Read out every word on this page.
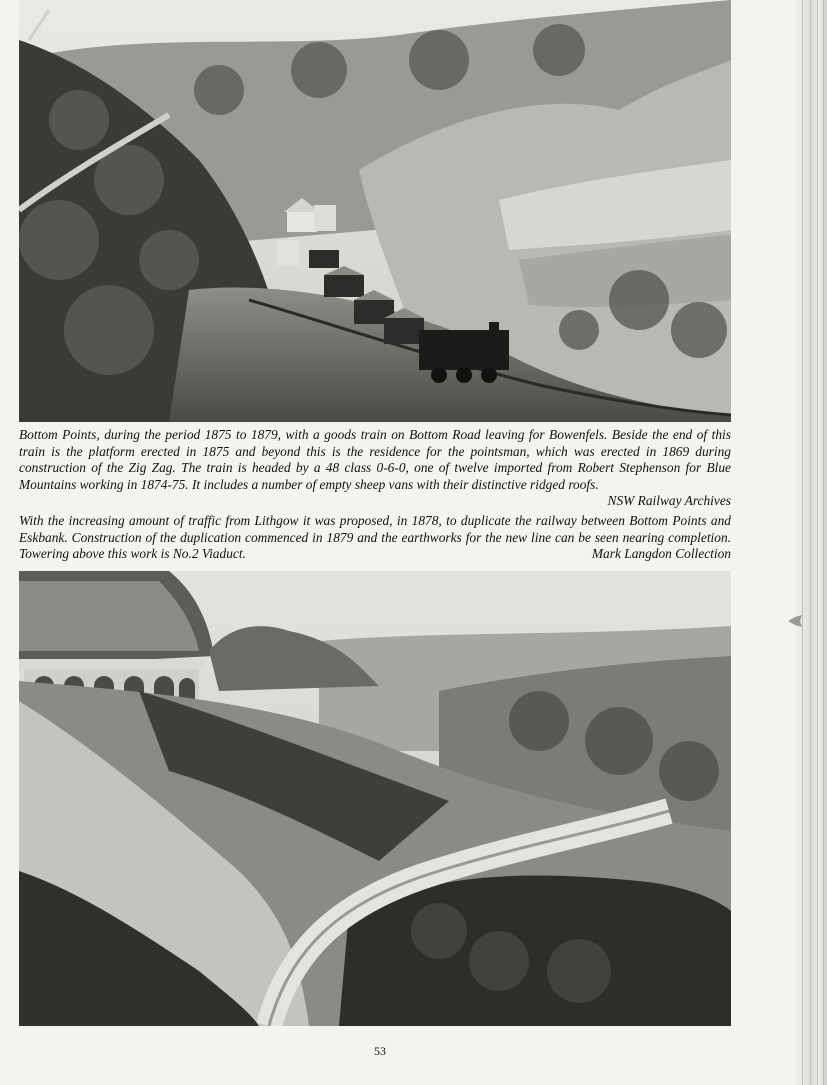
Bottom Points, during the period 1875 to 1879, with a goods train on Bottom Road leaving for Bowenfels. Beside the end of this train is the platform erected in 1875 and beyond this is the residence for the pointsman, which was erected in 1869 during construction of the Zig Zag. The train is headed by a 48 class 0-6-0, one of twelve imported from Robert Stephenson for Blue Mountains working in 1874-75. It includes a number of empty sheep vans with their distinctive ridged roofs.
NSW Railway Archives
With the increasing amount of traffic from Lithgow it was proposed, in 1878, to duplicate the railway between Bottom Points and Eskbank. Construction of the duplication commenced in 1879 and the earthworks for the new line can be seen nearing completion. Towering above this work is No.2 Viaduct.	Mark Langdon Collection
53
